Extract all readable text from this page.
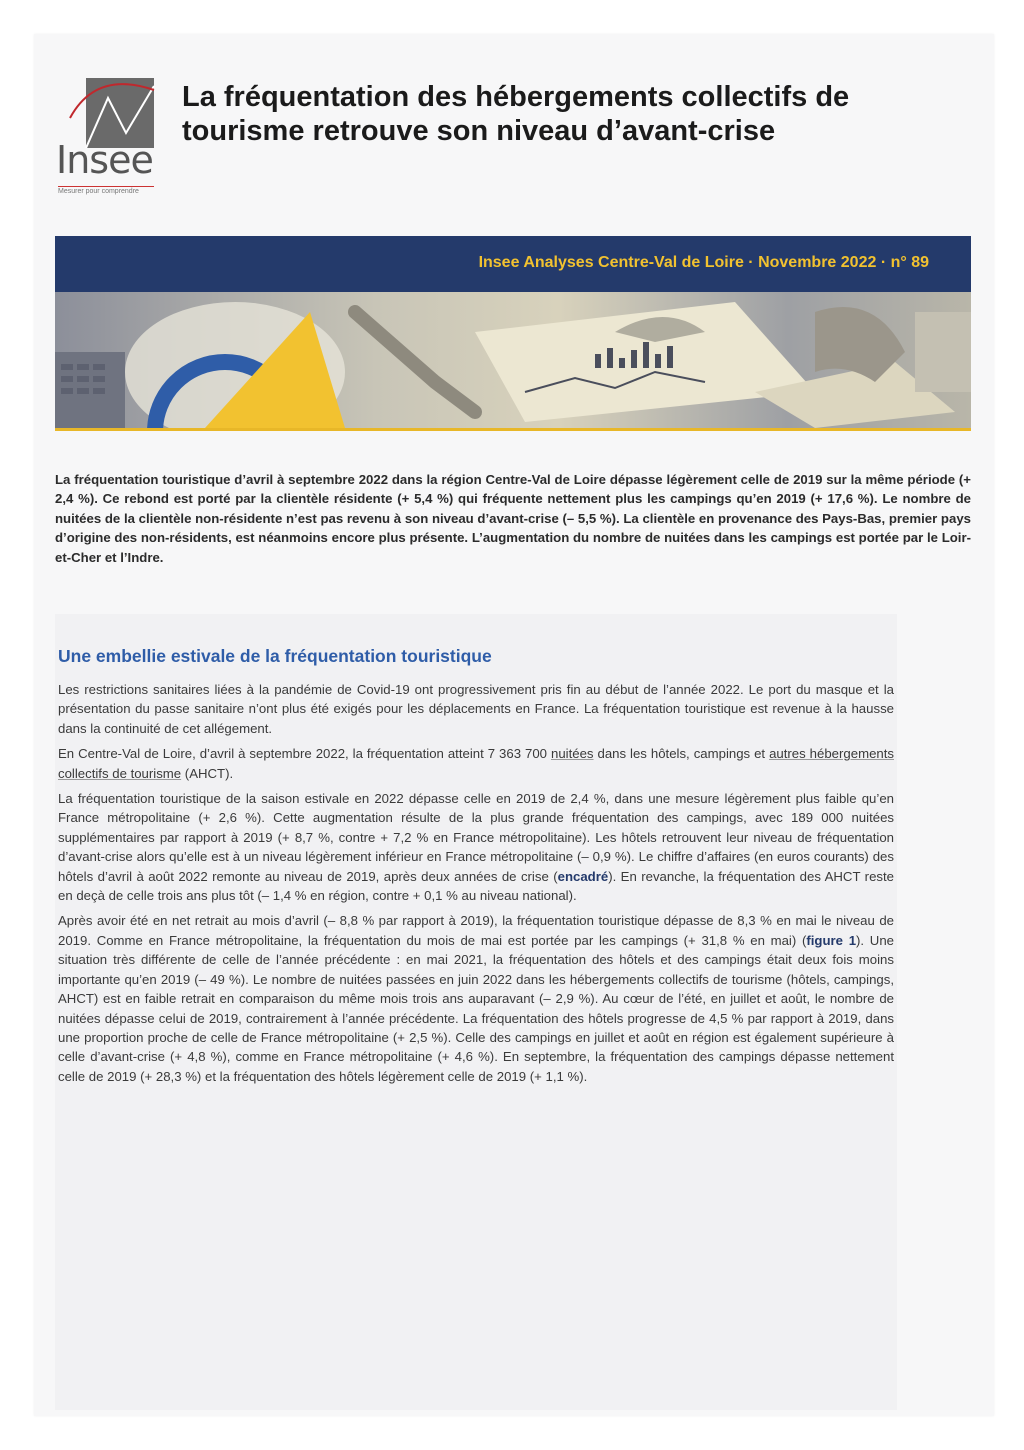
Insee
Mesurer pour comprendre
La fréquentation des hébergements collectifs de tourisme retrouve son niveau d’avant-crise
Insee Analyses Centre-Val de Loire · Novembre 2022 · n° 89

La fréquentation touristique d’avril à septembre 2022 dans la région Centre-Val de Loire dépasse légèrement celle de 2019 sur la même période (+ 2,4 %). Ce rebond est porté par la clientèle résidente (+ 5,4 %) qui fréquente nettement plus les campings qu’en 2019 (+ 17,6 %). Le nombre de nuitées de la clientèle non-résidente n’est pas revenu à son niveau d’avant-crise (– 5,5 %). La clientèle en provenance des Pays-Bas, premier pays d’origine des non-résidents, est néanmoins encore plus présente. L’augmentation du nombre de nuitées dans les campings est portée par le Loir-et-Cher et l’Indre.

Une embellie estivale de la fréquentation touristique

Les restrictions sanitaires liées à la pandémie de Covid-19 ont progressivement pris fin au début de l’année 2022. Le port du masque et la présentation du passe sanitaire n’ont plus été exigés pour les déplacements en France. La fréquentation touristique est revenue à la hausse dans la continuité de cet allégement.

En Centre-Val de Loire, d’avril à septembre 2022, la fréquentation atteint 7 363 700 nuitées dans les hôtels, campings et autres hébergements collectifs de tourisme (AHCT).

La fréquentation touristique de la saison estivale en 2022 dépasse celle en 2019 de 2,4 %, dans une mesure légèrement plus faible qu’en France métropolitaine (+ 2,6 %). Cette augmentation résulte de la plus grande fréquentation des campings, avec 189 000 nuitées supplémentaires par rapport à 2019 (+ 8,7 %, contre + 7,2 % en France métropolitaine). Les hôtels retrouvent leur niveau de fréquentation d’avant-crise alors qu’elle est à un niveau légèrement inférieur en France métropolitaine (– 0,9 %). Le chiffre d’affaires (en euros courants) des hôtels d’avril à août 2022 remonte au niveau de 2019, après deux années de crise (encadré). En revanche, la fréquentation des AHCT reste en deçà de celle trois ans plus tôt (– 1,4 % en région, contre + 0,1 % au niveau national).

Après avoir été en net retrait au mois d’avril (– 8,8 % par rapport à 2019), la fréquentation touristique dépasse de 8,3 % en mai le niveau de 2019. Comme en France métropolitaine, la fréquentation du mois de mai est portée par les campings (+ 31,8 % en mai) (figure 1). Une situation très différente de celle de l’année précédente : en mai 2021, la fréquentation des hôtels et des campings était deux fois moins importante qu’en 2019 (– 49 %). Le nombre de nuitées passées en juin 2022 dans les hébergements collectifs de tourisme (hôtels, campings, AHCT) est en faible retrait en comparaison du même mois trois ans auparavant (– 2,9 %). Au cœur de l’été, en juillet et août, le nombre de nuitées dépasse celui de 2019, contrairement à l’année précédente. La fréquentation des hôtels progresse de 4,5 % par rapport à 2019, dans une proportion proche de celle de France métropolitaine (+ 2,5 %). Celle des campings en juillet et août en région est également supérieure à celle d’avant-crise (+ 4,8 %), comme en France métropolitaine (+ 4,6 %). En septembre, la fréquentation des campings dépasse nettement celle de 2019 (+ 28,3 %) et la fréquentation des hôtels légèrement celle de 2019 (+ 1,1 %).
